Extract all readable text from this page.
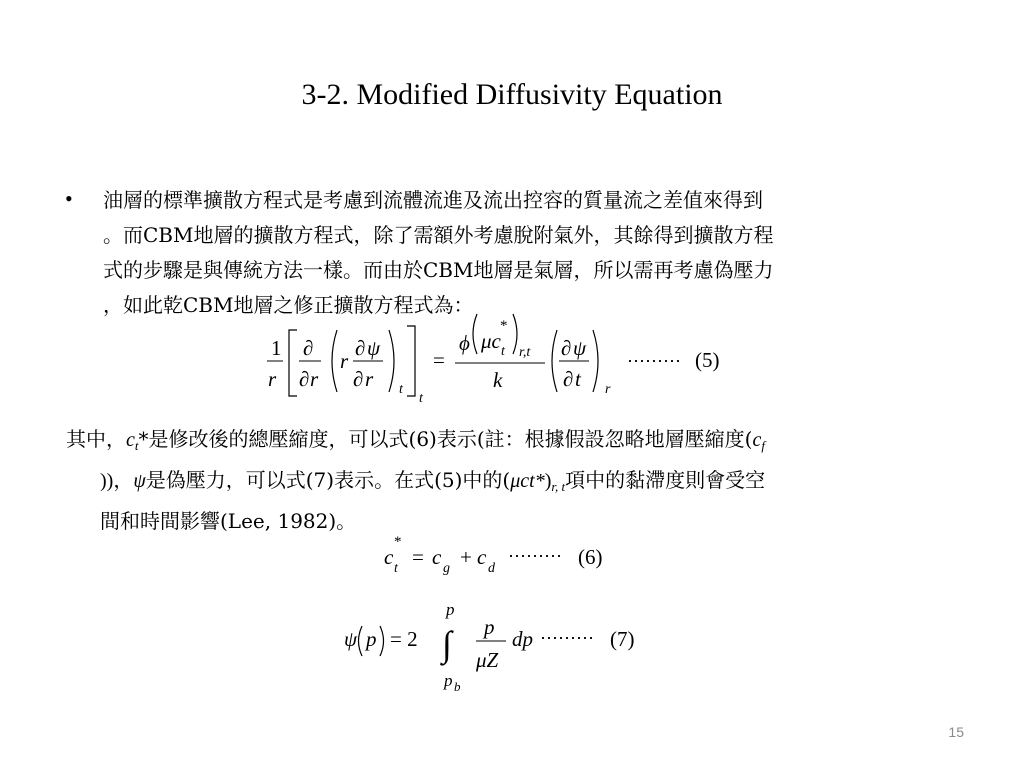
3-2. Modified Diffusivity Equation
• 油層的標準擴散方程式是考慮到流體流進及流出控容的質量流之差值來得到
。而CBM地層的擴散方程式，除了需額外考慮脫附氣外，其餘得到擴散方程
式的步驟是與傳統方法一樣。而由於CBM地層是氣層，所以需再考慮偽壓力
，如此乾CBM地層之修正擴散方程式為：

1
r
∂
∂ r
r
∂ ψ
∂ r t
t
=
ϕ μc
*
t r,t
k
∂ ψ
∂ t r
⋯⋯⋯ (5)

其中，$c_t*$是修改後的總壓縮度，可以式(6)表示(註：根據假設忽略地層壓縮度($c_f$
))，ψ是偽壓力，可以式(7)表示。在式(5)中的$(\mu ct*)_{r, t}$項中的黏滯度則會受空
間和時間影響(Lee, 1982)。

c
*
t = c g + c d
⋯⋯⋯ (6)
ψ p = 2 ∫
p
p b
p
μZ
dp ⋯⋯⋯ (7)
15
